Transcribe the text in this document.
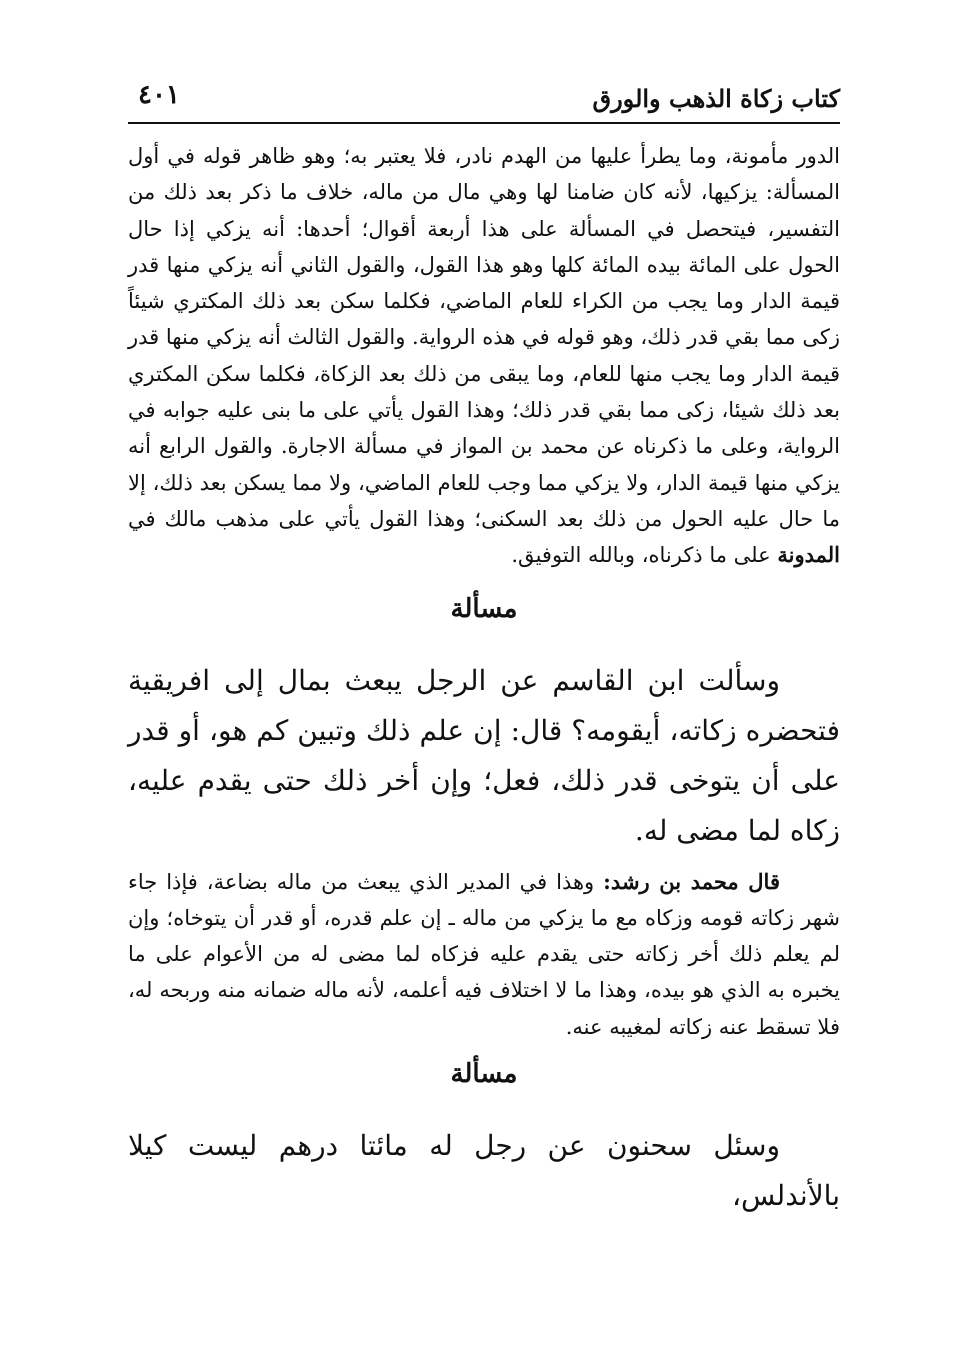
كتاب زكاة الذهب والورق
٤٠١

الدور مأمونة، وما يطرأ عليها من الهدم نادر، فلا يعتبر به؛ وهو ظاهر قوله في أول المسألة: يزكيها، لأنه كان ضامنا لها وهي مال من ماله، خلاف ما ذكر بعد ذلك من التفسير، فيتحصل في المسألة على هذا أربعة أقوال؛ أحدها: أنه يزكي إذا حال الحول على المائة بيده المائة كلها وهو هذا القول، والقول الثاني أنه يزكي منها قدر قيمة الدار وما يجب من الكراء للعام الماضي، فكلما سكن بعد ذلك المكتري شيئاً زكى مما بقي قدر ذلك، وهو قوله في هذه الرواية. والقول الثالث أنه يزكي منها قدر قيمة الدار وما يجب منها للعام، وما يبقى من ذلك بعد الزكاة، فكلما سكن المكتري بعد ذلك شيئا، زكى مما بقي قدر ذلك؛ وهذا القول يأتي على ما بنى عليه جوابه في الرواية، وعلى ما ذكرناه عن محمد بن المواز في مسألة الاجارة. والقول الرابع أنه يزكي منها قيمة الدار، ولا يزكي مما وجب للعام الماضي، ولا مما يسكن بعد ذلك، إلا ما حال عليه الحول من ذلك بعد السكنى؛ وهذا القول يأتي على مذهب مالك في المدونة على ما ذكرناه، وبالله التوفيق.

مسألة

وسألت ابن القاسم عن الرجل يبعث بمال إلى افريقية فتحضره زكاته، أيقومه؟ قال: إن علم ذلك وتبين كم هو، أو قدر على أن يتوخى قدر ذلك، فعل؛ وإن أخر ذلك حتى يقدم عليه، زكاه لما مضى له.

قال محمد بن رشد: وهذا في المدير الذي يبعث من ماله بضاعة، فإذا جاء شهر زكاته قومه وزكاه مع ما يزكي من ماله ـ إن علم قدره، أو قدر أن يتوخاه؛ وإن لم يعلم ذلك أخر زكاته حتى يقدم عليه فزكاه لما مضى له من الأعوام على ما يخبره به الذي هو بيده، وهذا ما لا اختلاف فيه أعلمه، لأنه ماله ضمانه منه وربحه له، فلا تسقط عنه زكاته لمغيبه عنه.

مسألة

وسئل سحنون عن رجل له مائتا درهم ليست كيلا بالأندلس،
